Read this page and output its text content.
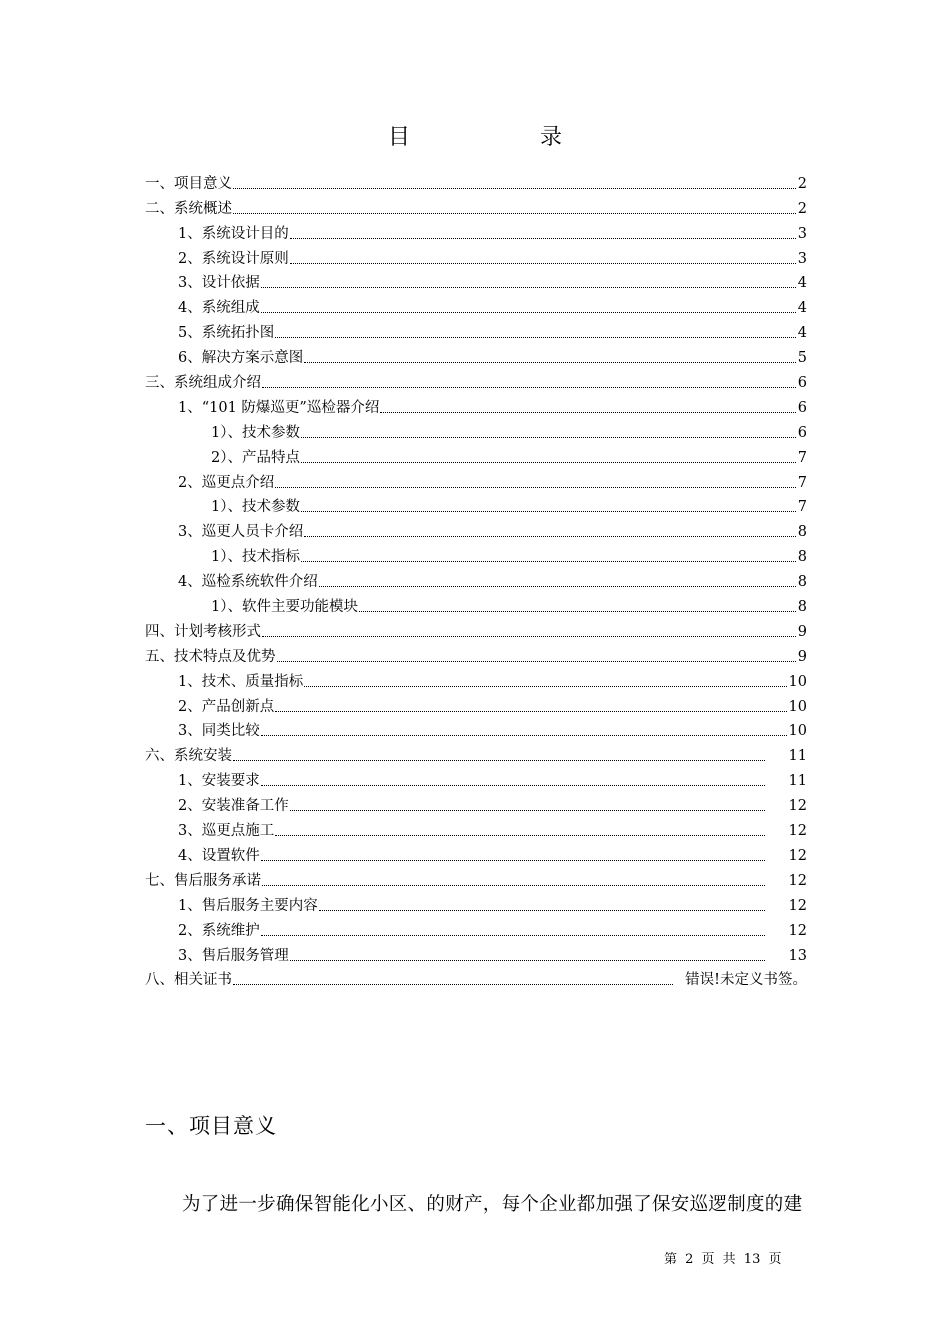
目	录
一、项目意义	2
二、系统概述	2
1、系统设计目的	3
2、系统设计原则	3
3、设计依据	4
4、系统组成	4
5、系统拓扑图	4
6、解决方案示意图	5
三、系统组成介绍	6
1、“101 防爆巡更”巡检器介绍	6
1）、技术参数	6
2）、产品特点	7
2、巡更点介绍	7
1）、技术参数	7
3、巡更人员卡介绍	8
1）、技术指标	8
4、巡检系统软件介绍	8
1）、软件主要功能模块	8
四、计划考核形式	9
五、技术特点及优势	9
1、技术、质量指标	10
2、产品创新点	10
3、同类比较	10
六、系统安装	11
1、安装要求	11
2、安装准备工作	12
3、巡更点施工	12
4、设置软件	12
七、售后服务承诺	12
1、售后服务主要内容	12
2、系统维护	12
3、售后服务管理	13
八、相关证书	错误!未定义书签。
一、项目意义
为了进一步确保智能化小区、的财产，每个企业都加强了保安巡逻制度的建
第 2 页 共 13 页
